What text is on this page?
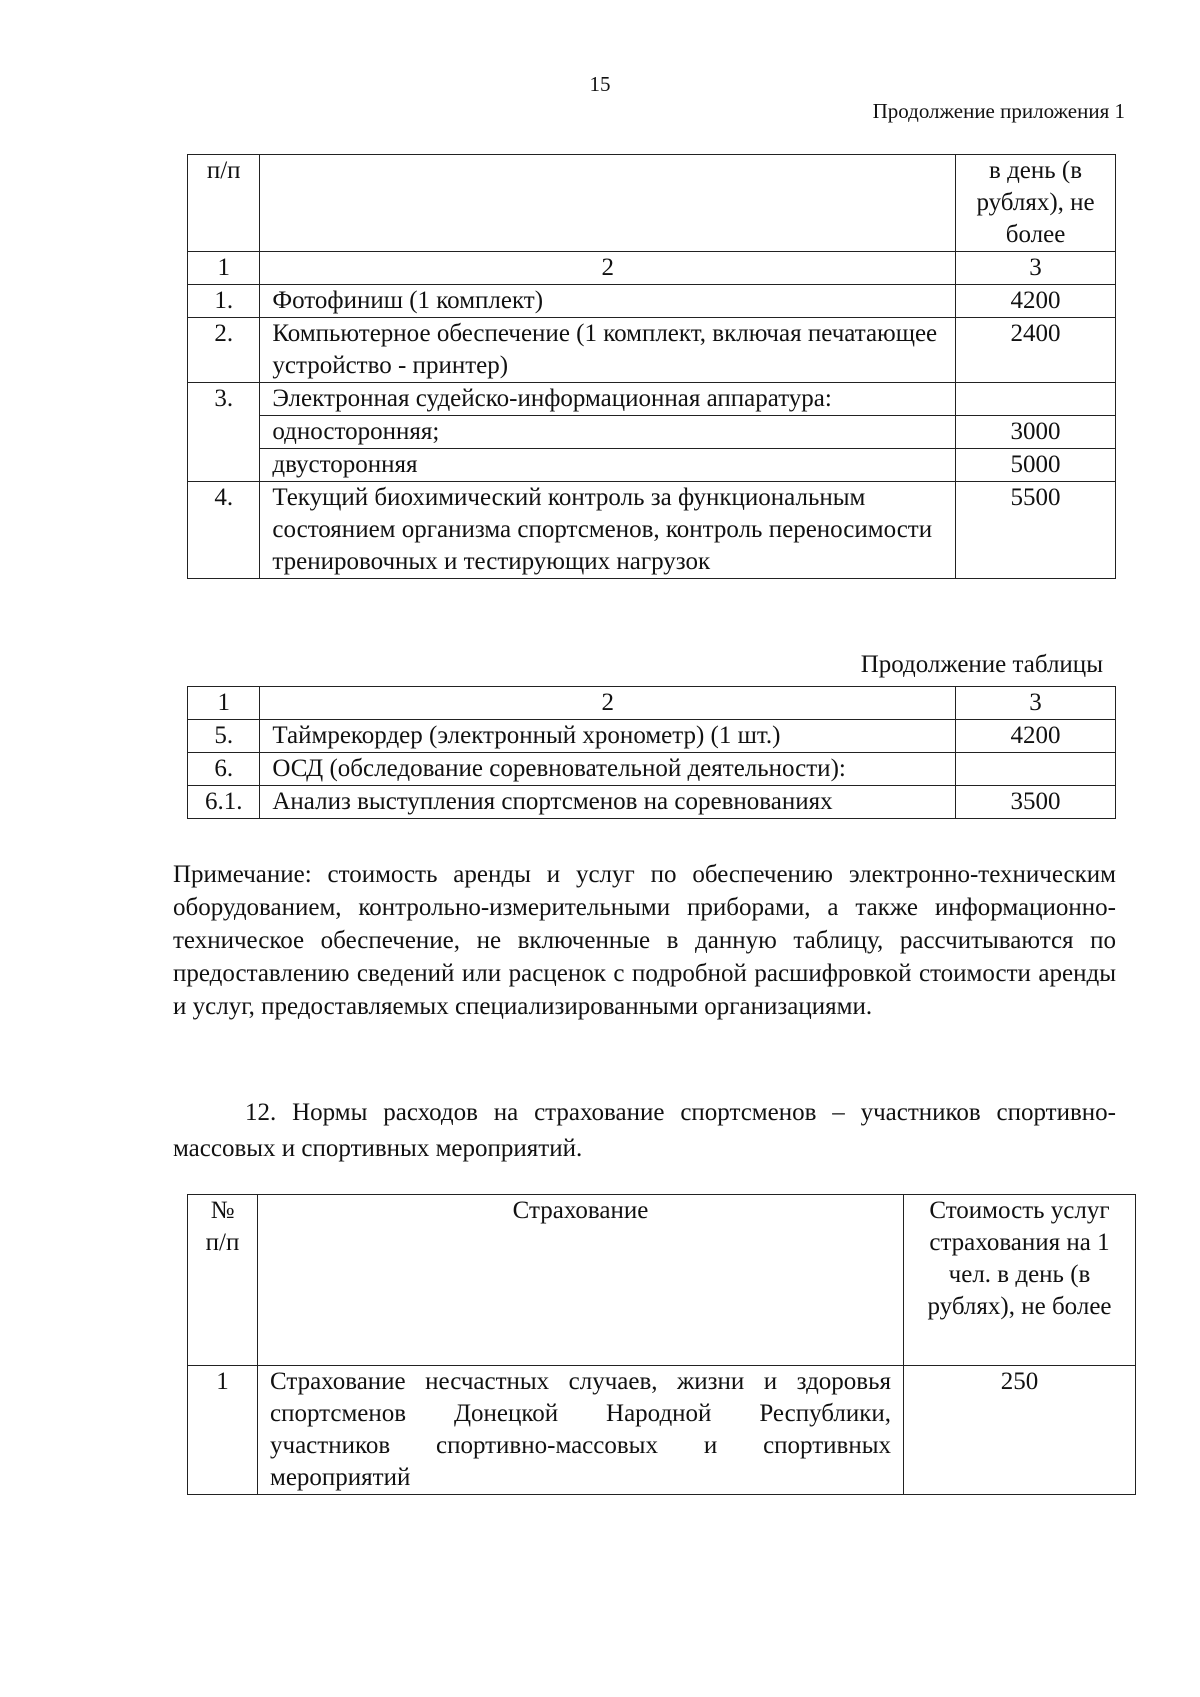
15
Продолжение приложения 1
п/п		в день (в рублях), не более
1	2	3
1.	Фотофиниш (1 комплект)	4200
2.	Компьютерное обеспечение (1 комплект, включая печатающее устройство - принтер)	2400
3.	Электронная судейско-информационная аппаратура:	
	односторонняя;	3000
	двусторонняя	5000
4.	Текущий биохимический контроль за функциональным состоянием организма спортсменов, контроль переносимости тренировочных и тестирующих нагрузок	5500
Продолжение таблицы
1	2	3
5.	Таймрекордер (электронный хронометр) (1 шт.)	4200
6.	ОСД (обследование соревновательной деятельности):	
6.1.	Анализ выступления спортсменов на соревнованиях	3500
Примечание: стоимость аренды и услуг по обеспечению электронно-техническим оборудованием, контрольно-измерительными приборами, а также информационно-техническое обеспечение, не включенные в данную таблицу, рассчитываются по предоставлению сведений или расценок с подробной расшифровкой стоимости аренды и услуг, предоставляемых специализированными организациями.
12. Нормы расходов на страхование спортсменов – участников спортивно-массовых и спортивных мероприятий.
№ п/п	Страхование	Стоимость услуг страхования на 1 чел. в день (в рублях), не более
1	Страхование несчастных случаев, жизни и здоровья спортсменов Донецкой Народной Республики, участников спортивно-массовых и спортивных мероприятий	250
